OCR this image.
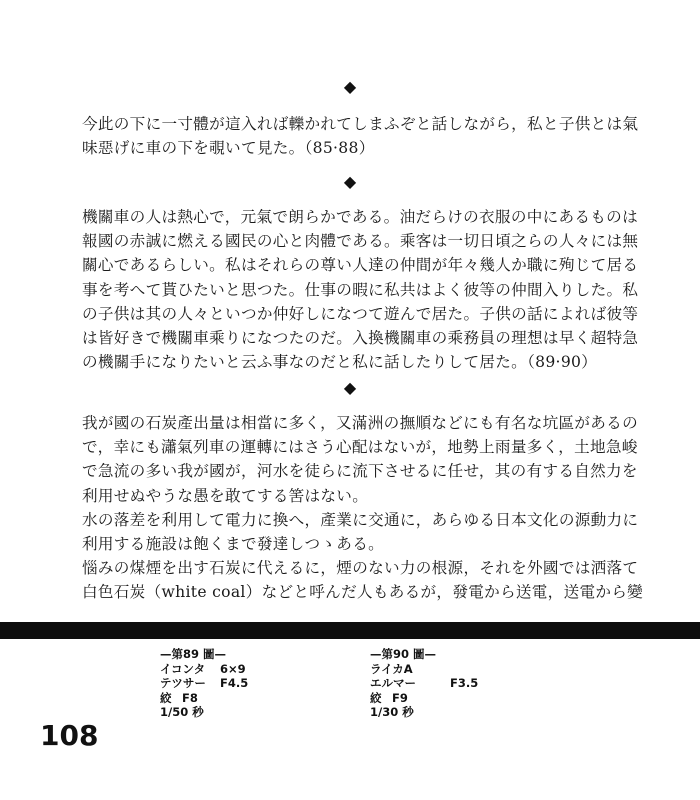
◆

今此の下に一寸體が這入れば轢かれてしまふぞと話しながら，私と子供とは氣
味惡げに車の下を覗いて見た。（85·88）

◆

機關車の人は熱心で，元氣で朗らかである。油だらけの衣服の中にあるものは
報國の赤誠に燃える國民の心と肉體である。乘客は一切日頃之らの人々には無
關心であるらしい。私はそれらの尊い人達の仲間が年々幾人か職に殉じて居る
事を考へて貰ひたいと思つた。仕事の暇に私共はよく彼等の仲間入りした。私
の子供は其の人々といつか仲好しになつて遊んで居た。子供の話によれば彼等
は皆好きで機關車乘りになつたのだ。入換機關車の乘務員の理想は早く超特急
の機關手になりたいと云ふ事なのだと私に話したりして居た。（89·90）

◆

我が國の石炭產出量は相當に多く，又滿洲の撫順などにも有名な坑區があるの
で，幸にも瀟氣列車の運轉にはさう心配はないが，地勢上雨量多く，土地急峻
で急流の多い我が國が，河水を徒らに流下させるに任せ，其の有する自然力を
利用せぬやうな愚を敢てする筈はない。
水の落差を利用して電力に換へ，產業に交通に，あらゆる日本文化の源動力に
利用する施設は飽くまで發達しつゝある。
惱みの煤煙を出す石炭に代えるに，煙のない力の根源，それを外國では洒落て
白色石炭（white coal）などと呼んだ人もあるが，發電から送電，送電から變

—第89 圖—
イコンタ 6×9
テツサー F4.5
絞 F8
1/50 秒
—第90 圖—
ライカA
エルマー	F3.5
絞 F9
1/30 秒
108
